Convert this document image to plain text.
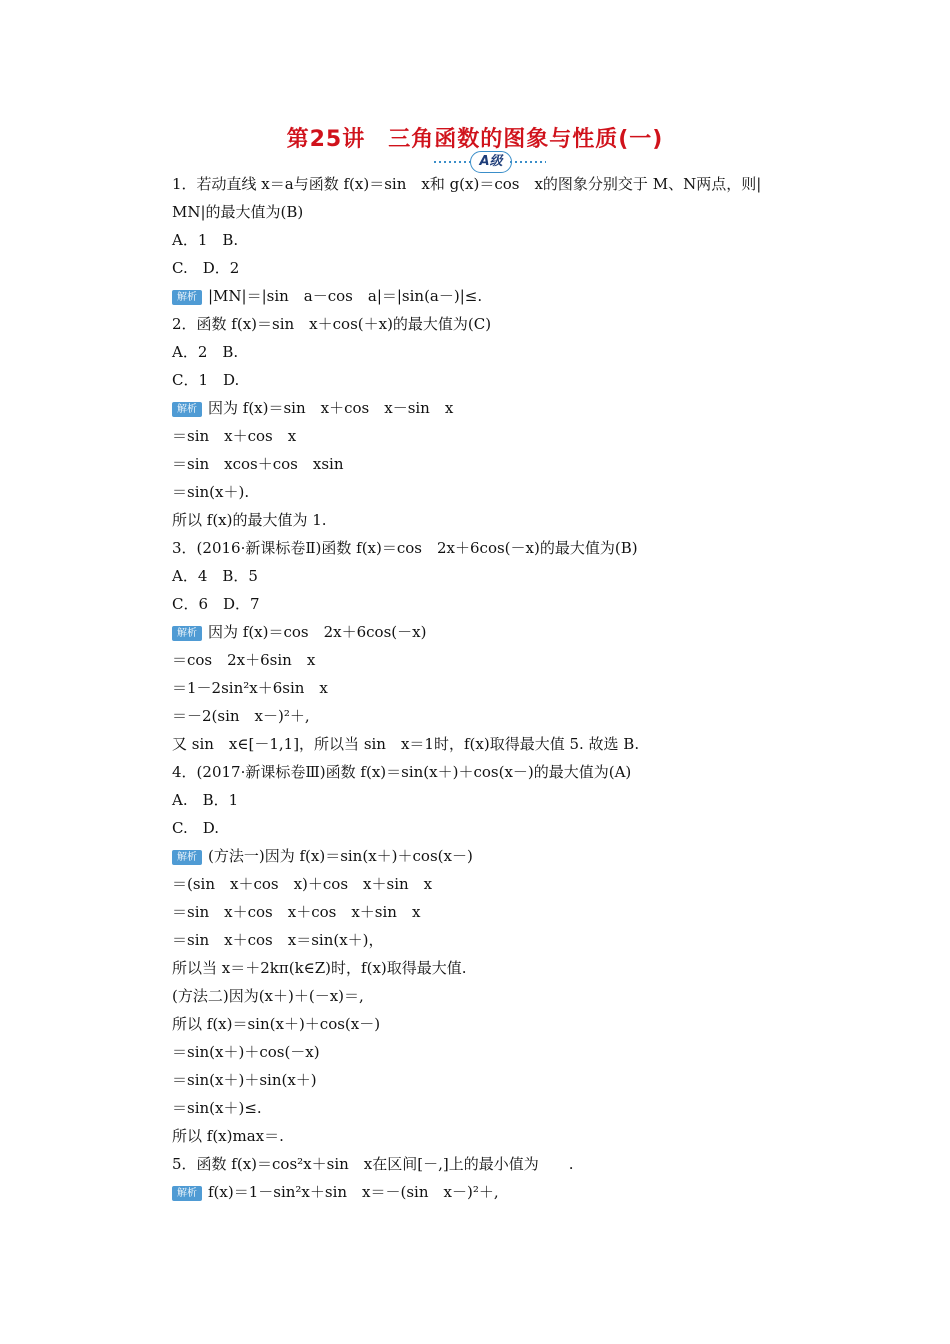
第25讲　三角函数的图象与性质(一)
A级
1．若动直线 x＝a与函数 f(x)＝sin　x和 g(x)＝cos　x的图象分别交于 M、N两点，则|
MN|的最大值为(B)
A．1　B.
C.　D．2
解析 |MN|＝|sin　a－cos　a|＝|sin(a－)|≤.
2．函数 f(x)＝sin　x＋cos(＋x)的最大值为(C)
A．2　B.
C．1　D.
解析 因为 f(x)＝sin　x＋cos　x－sin　x
＝sin　x＋cos　x
＝sin　xcos＋cos　xsin
＝sin(x＋).
所以 f(x)的最大值为 1.
3．(2016·新课标卷Ⅱ)函数 f(x)＝cos　2x＋6cos(－x)的最大值为(B)
A．4　B．5
C．6　D．7
解析 因为 f(x)＝cos　2x＋6cos(－x)
＝cos　2x＋6sin　x
＝1－2sin²x＋6sin　x
＝－2(sin　x－)²＋,
又 sin　x∈[－1,1]，所以当 sin　x＝1时，f(x)取得最大值 5. 故选 B.
4．(2017·新课标卷Ⅲ)函数 f(x)＝sin(x＋)＋cos(x－)的最大值为(A)
A.　B．1
C.　D.
解析 (方法一)因为 f(x)＝sin(x＋)＋cos(x－)
＝(sin　x＋cos　x)＋cos　x＋sin　x
＝sin　x＋cos　x＋cos　x＋sin　x
＝sin　x＋cos　x＝sin(x＋)，
所以当 x＝＋2kπ(k∈Z)时，f(x)取得最大值.
(方法二)因为(x＋)＋(－x)＝,
所以 f(x)＝sin(x＋)＋cos(x－)
＝sin(x＋)＋cos(－x)
＝sin(x＋)＋sin(x＋)
＝sin(x＋)≤.
所以 f(x)max＝.
5．函数 f(x)＝cos²x＋sin　x在区间[－,]上的最小值为　　.
解析 f(x)＝1－sin²x＋sin　x＝－(sin　x－)²＋,
